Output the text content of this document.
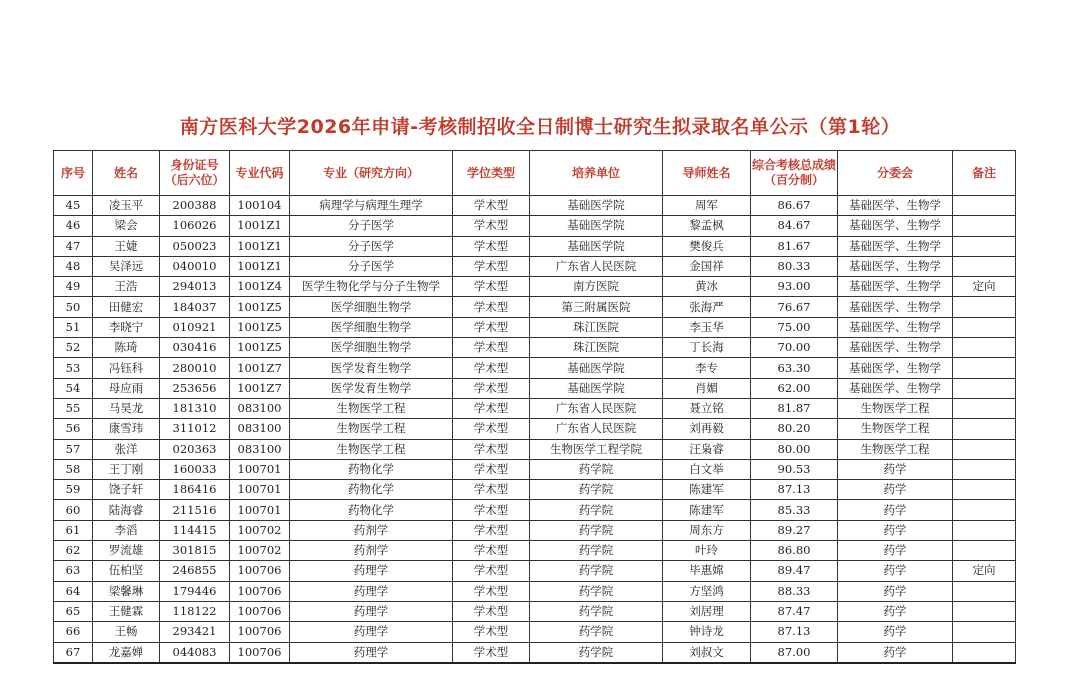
南方医科大学2026年申请-考核制招收全日制博士研究生拟录取名单公示（第1轮）
序号	姓名	身份证号（后六位）	专业代码	专业（研究方向）	学位类型	培养单位	导师姓名	综合考核总成绩（百分制）	分委会	备注
45	凌玉平	200388	100104	病理学与病理生理学	学术型	基础医学院	周军	86.67	基础医学、生物学	
46	梁会	106026	1001Z1	分子医学	学术型	基础医学院	黎孟枫	84.67	基础医学、生物学	
47	王婕	050023	1001Z1	分子医学	学术型	基础医学院	樊俊兵	81.67	基础医学、生物学	
48	吴泽远	040010	1001Z1	分子医学	学术型	广东省人民医院	金国祥	80.33	基础医学、生物学	
49	王浩	294013	1001Z4	医学生物化学与分子生物学	学术型	南方医院	黄冰	93.00	基础医学、生物学	定向
50	田健宏	184037	1001Z5	医学细胞生物学	学术型	第三附属医院	张海严	76.67	基础医学、生物学	
51	李晓宁	010921	1001Z5	医学细胞生物学	学术型	珠江医院	李玉华	75.00	基础医学、生物学	
52	陈琦	030416	1001Z5	医学细胞生物学	学术型	珠江医院	丁长海	70.00	基础医学、生物学	
53	冯钰科	280010	1001Z7	医学发育生物学	学术型	基础医学院	李专	63.30	基础医学、生物学	
54	母应雨	253656	1001Z7	医学发育生物学	学术型	基础医学院	肖媚	62.00	基础医学、生物学	
55	马昊龙	181310	083100	生物医学工程	学术型	广东省人民医院	聂立铭	81.87	生物医学工程	
56	康雪玮	311012	083100	生物医学工程	学术型	广东省人民医院	刘再毅	80.20	生物医学工程	
57	张洋	020363	083100	生物医学工程	学术型	生物医学工程学院	汪枭睿	80.00	生物医学工程	
58	王丁刚	160033	100701	药物化学	学术型	药学院	白文举	90.53	药学	
59	饶子轩	186416	100701	药物化学	学术型	药学院	陈建军	87.13	药学	
60	陆海睿	211516	100701	药物化学	学术型	药学院	陈建军	85.33	药学	
61	李滔	114415	100702	药剂学	学术型	药学院	周东方	89.27	药学	
62	罗流雄	301815	100702	药剂学	学术型	药学院	叶玲	86.80	药学	
63	伍柏坚	246855	100706	药理学	学术型	药学院	毕惠嫦	89.47	药学	定向
64	梁馨琳	179446	100706	药理学	学术型	药学院	方坚鸿	88.33	药学	
65	王健霖	118122	100706	药理学	学术型	药学院	刘居理	87.47	药学	
66	王畅	293421	100706	药理学	学术型	药学院	钟诗龙	87.13	药学	
67	龙嘉婵	044083	100706	药理学	学术型	药学院	刘叔文	87.00	药学	
